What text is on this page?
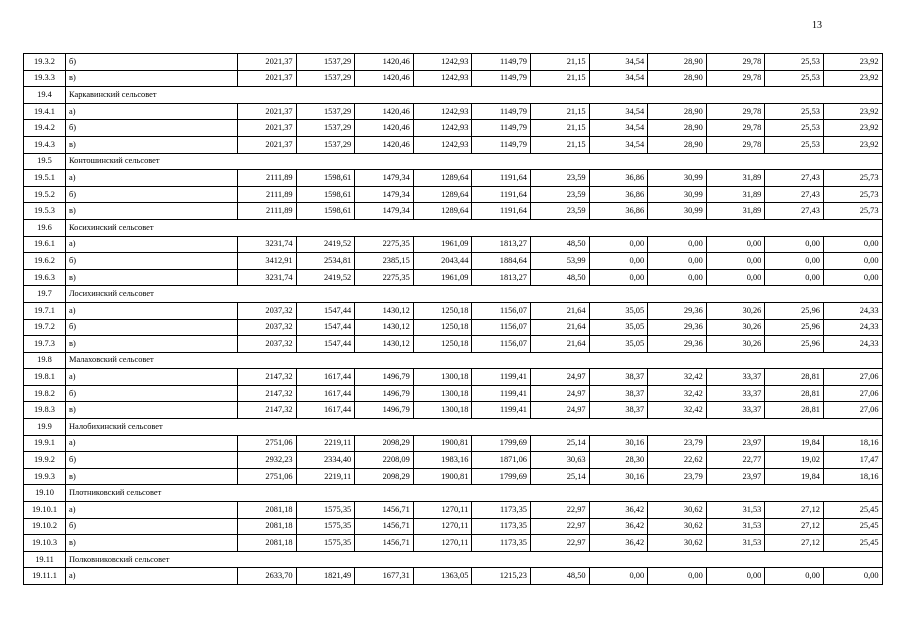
13
19.3.2	б)	2021,37	1537,29	1420,46	1242,93	1149,79	21,15	34,54	28,90	29,78	25,53	23,92
19.3.3	в)	2021,37	1537,29	1420,46	1242,93	1149,79	21,15	34,54	28,90	29,78	25,53	23,92
19.4	Каркавинский сельсовет											
19.4.1	а)	2021,37	1537,29	1420,46	1242,93	1149,79	21,15	34,54	28,90	29,78	25,53	23,92
19.4.2	б)	2021,37	1537,29	1420,46	1242,93	1149,79	21,15	34,54	28,90	29,78	25,53	23,92
19.4.3	в)	2021,37	1537,29	1420,46	1242,93	1149,79	21,15	34,54	28,90	29,78	25,53	23,92
19.5	Контошинский сельсовет											
19.5.1	а)	2111,89	1598,61	1479,34	1289,64	1191,64	23,59	36,86	30,99	31,89	27,43	25,73
19.5.2	б)	2111,89	1598,61	1479,34	1289,64	1191,64	23,59	36,86	30,99	31,89	27,43	25,73
19.5.3	в)	2111,89	1598,61	1479,34	1289,64	1191,64	23,59	36,86	30,99	31,89	27,43	25,73
19.6	Косихинский сельсовет											
19.6.1	а)	3231,74	2419,52	2275,35	1961,09	1813,27	48,50	0,00	0,00	0,00	0,00	0,00
19.6.2	б)	3412,91	2534,81	2385,15	2043,44	1884,64	53,99	0,00	0,00	0,00	0,00	0,00
19.6.3	в)	3231,74	2419,52	2275,35	1961,09	1813,27	48,50	0,00	0,00	0,00	0,00	0,00
19.7	Лосихинский сельсовет											
19.7.1	а)	2037,32	1547,44	1430,12	1250,18	1156,07	21,64	35,05	29,36	30,26	25,96	24,33
19.7.2	б)	2037,32	1547,44	1430,12	1250,18	1156,07	21,64	35,05	29,36	30,26	25,96	24,33
19.7.3	в)	2037,32	1547,44	1430,12	1250,18	1156,07	21,64	35,05	29,36	30,26	25,96	24,33
19.8	Малаховский сельсовет											
19.8.1	а)	2147,32	1617,44	1496,79	1300,18	1199,41	24,97	38,37	32,42	33,37	28,81	27,06
19.8.2	б)	2147,32	1617,44	1496,79	1300,18	1199,41	24,97	38,37	32,42	33,37	28,81	27,06
19.8.3	в)	2147,32	1617,44	1496,79	1300,18	1199,41	24,97	38,37	32,42	33,37	28,81	27,06
19.9	Налобихинский сельсовет											
19.9.1	а)	2751,06	2219,11	2098,29	1900,81	1799,69	25,14	30,16	23,79	23,97	19,84	18,16
19.9.2	б)	2932,23	2334,40	2208,09	1983,16	1871,06	30,63	28,30	22,62	22,77	19,02	17,47
19.9.3	в)	2751,06	2219,11	2098,29	1900,81	1799,69	25,14	30,16	23,79	23,97	19,84	18,16
19.10	Плотниковский сельсовет											
19.10.1	а)	2081,18	1575,35	1456,71	1270,11	1173,35	22,97	36,42	30,62	31,53	27,12	25,45
19.10.2	б)	2081,18	1575,35	1456,71	1270,11	1173,35	22,97	36,42	30,62	31,53	27,12	25,45
19.10.3	в)	2081,18	1575,35	1456,71	1270,11	1173,35	22,97	36,42	30,62	31,53	27,12	25,45
19.11	Полковниковский сельсовет											
19.11.1	а)	2633,70	1821,49	1677,31	1363,05	1215,23	48,50	0,00	0,00	0,00	0,00	0,00
